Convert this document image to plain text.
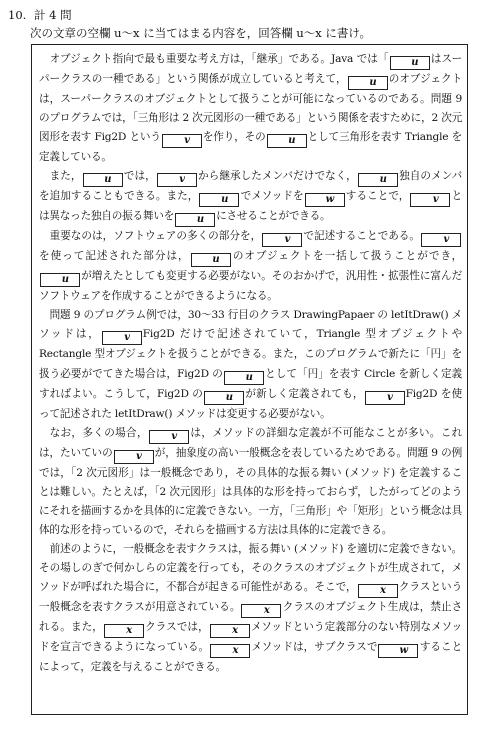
10. 計 4 問
次の文章の空欄 u〜x に当てはまる内容を，回答欄 u〜x に書け。

オブジェクト指向で最も重要な考え方は，「継承」である。Java では「 u はスーパークラスの一種である」という関係が成立していると考えて， u のオブジェクトは，スーパークラスのオブジェクトとして扱うことが可能になっているのである。問題 9 のプログラムでは，「三角形は 2 次元図形の一種である」という関係を表すために，2 次元図形を表す Fig2D という v を作り，その u として三角形を表す Triangle を定義している。

また， u では， v から継承したメンバだけでなく， u 独自のメンバを追加することもできる。また， u でメソッドを w することで， v とは異なった独自の振る舞いを u にさせることができる。

重要なのは，ソフトウェアの多くの部分を， v で記述することである。 vを使って記述された部分は， u のオブジェクトを一括して扱うことができ，u が増えたとしても変更する必要がない。そのおかげで，汎用性・拡張性に富んだソフトウェアを作成することができるようになる。

問題 9 のプログラム例では，30〜33 行目のクラス DrawingPapaer の letItDraw() メソッドは， v Fig2D だけで記述されていて，Triangle 型オブジェクトや Rectangle 型オブジェクトを扱うことができる。また，このプログラムで新たに「円」を扱う必要がでてきた場合は，Fig2D の u として「円」を表す Circle を新しく定義すればよい。こうして，Fig2D の u が新しく定義されても， v Fig2D を使って記述された letItDraw() メソッドは変更する必要がない。

なお，多くの場合， v は，メソッドの詳細な定義が不可能なことが多い。これは，たいていの v が，抽象度の高い一般概念を表しているためである。問題 9 の例では，「2 次元図形」は一般概念であり，その具体的な振る舞い (メソッド) を定義することは難しい。たとえば，「2 次元図形」は具体的な形を持っておらず，したがってどのようにそれを描画するかを具体的に定義できない。一方，「三角形」や「矩形」という概念は具体的な形を持っているので，それらを描画する方法は具体的に定義できる。

前述のように，一般概念を表すクラスは，振る舞い (メソッド) を適切に定義できない。その場しのぎで何かしらの定義を行っても，そのクラスのオブジェクトが生成されて，メソッドが呼ばれた場合に，不都合が起きる可能性がある。そこで， x クラスという一般概念を表すクラスが用意されている。 x クラスのオブジェクト生成は，禁止される。また， x クラスでは， x メソッドという定義部分のない特別なメソッドを宣言できるようになっている。 x メソッドは，サブクラスで w することによって，定義を与えることができる。
